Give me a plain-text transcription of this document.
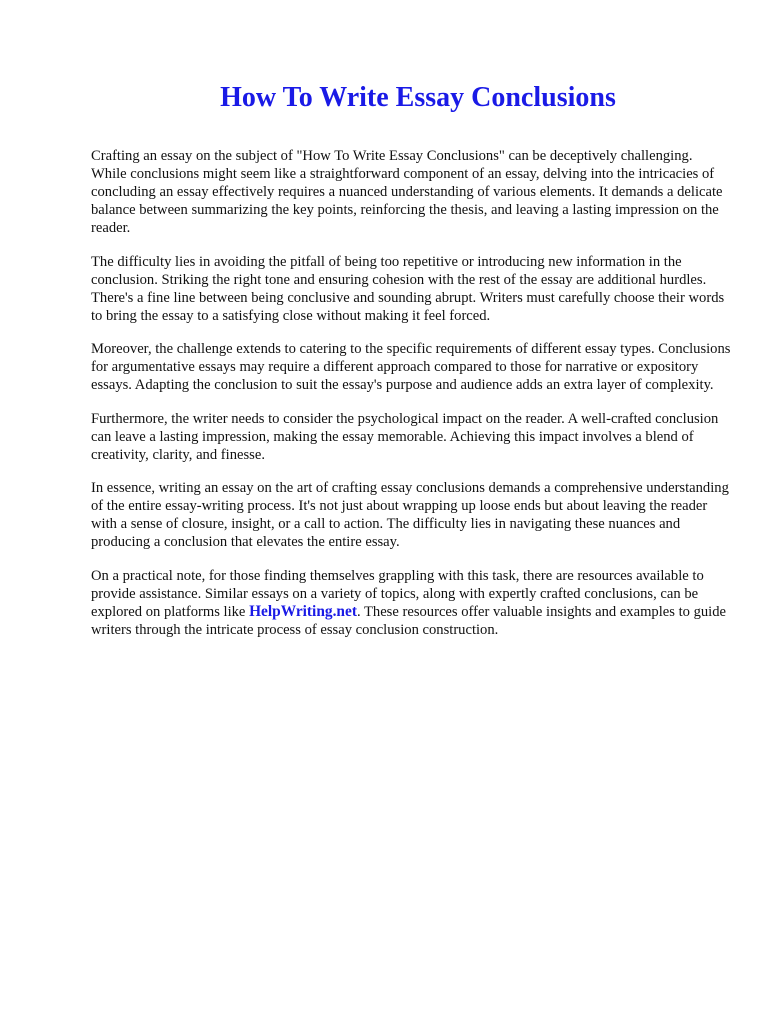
How To Write Essay Conclusions

Crafting an essay on the subject of "How To Write Essay Conclusions" can be deceptively challenging. While conclusions might seem like a straightforward component of an essay, delving into the intricacies of concluding an essay effectively requires a nuanced understanding of various elements. It demands a delicate balance between summarizing the key points, reinforcing the thesis, and leaving a lasting impression on the reader.

The difficulty lies in avoiding the pitfall of being too repetitive or introducing new information in the conclusion. Striking the right tone and ensuring cohesion with the rest of the essay are additional hurdles. There's a fine line between being conclusive and sounding abrupt. Writers must carefully choose their words to bring the essay to a satisfying close without making it feel forced.

Moreover, the challenge extends to catering to the specific requirements of different essay types. Conclusions for argumentative essays may require a different approach compared to those for narrative or expository essays. Adapting the conclusion to suit the essay's purpose and audience adds an extra layer of complexity.

Furthermore, the writer needs to consider the psychological impact on the reader. A well-crafted conclusion can leave a lasting impression, making the essay memorable. Achieving this impact involves a blend of creativity, clarity, and finesse.

In essence, writing an essay on the art of crafting essay conclusions demands a comprehensive understanding of the entire essay-writing process. It's not just about wrapping up loose ends but about leaving the reader with a sense of closure, insight, or a call to action. The difficulty lies in navigating these nuances and producing a conclusion that elevates the entire essay.

On a practical note, for those finding themselves grappling with this task, there are resources available to provide assistance. Similar essays on a variety of topics, along with expertly crafted conclusions, can be explored on platforms like HelpWriting.net. These resources offer valuable insights and examples to guide writers through the intricate process of essay conclusion construction.
